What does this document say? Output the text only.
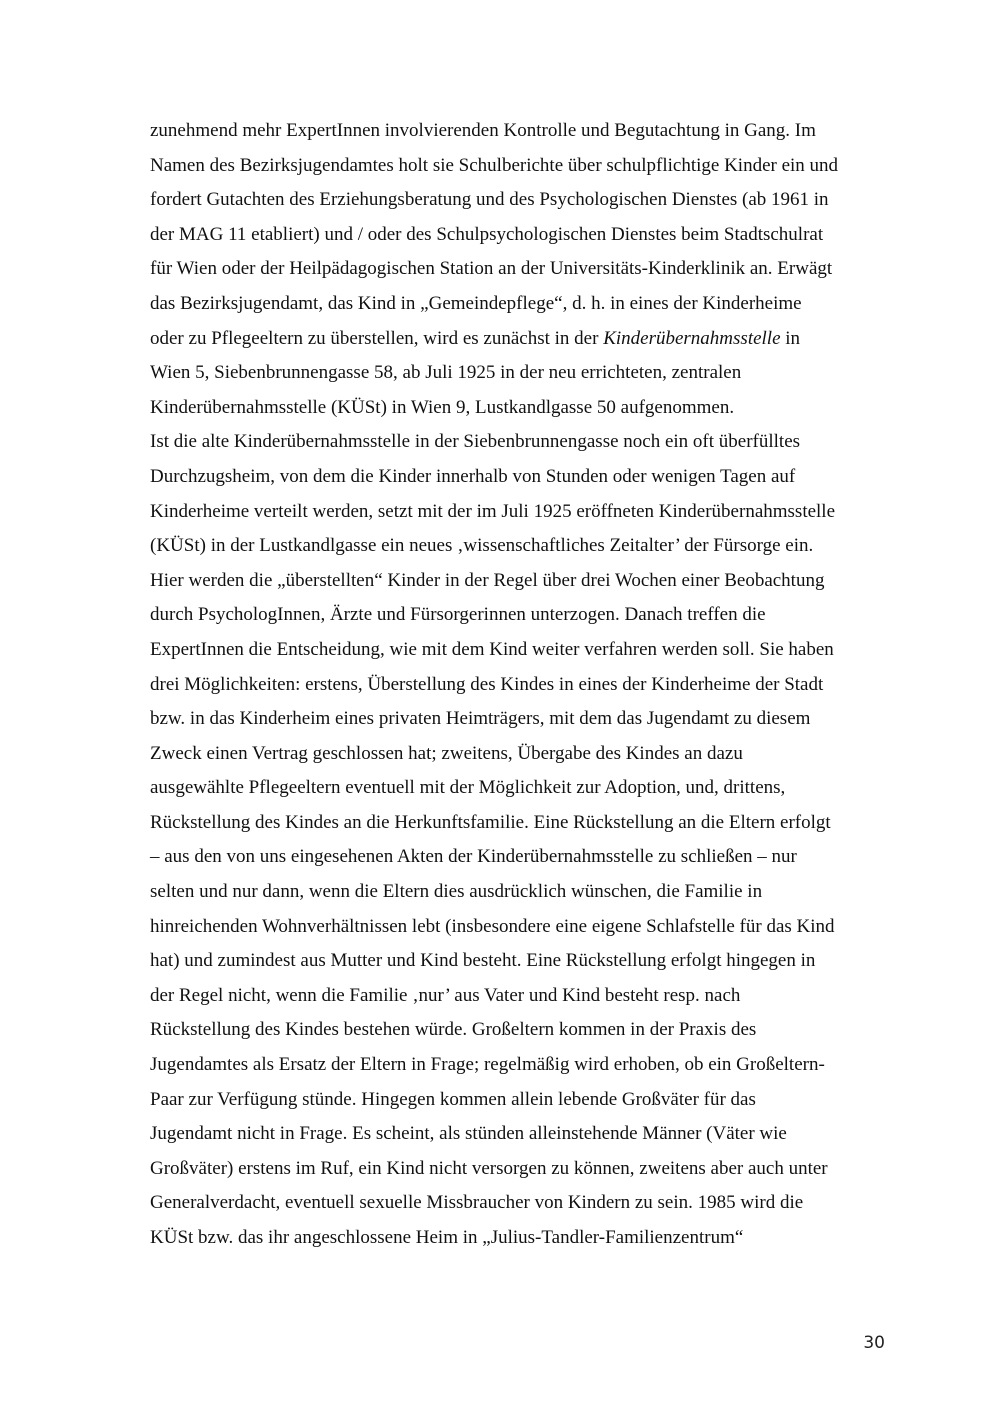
zunehmend mehr ExpertInnen involvierenden Kontrolle und Begutachtung in Gang. Im
Namen des Bezirksjugendamtes holt sie Schulberichte über schulpflichtige Kinder ein und
fordert Gutachten des Erziehungsberatung und des Psychologischen Dienstes (ab 1961 in
der MAG 11 etabliert) und / oder des Schulpsychologischen Dienstes beim Stadtschulrat
für Wien oder der Heilpädagogischen Station an der Universitäts-Kinderklinik an. Erwägt
das Bezirksjugendamt, das Kind in „Gemeindepflege“, d. h. in eines der Kinderheime
oder zu Pflegeeltern zu überstellen, wird es zunächst in der Kinderübernahmsstelle in
Wien 5, Siebenbrunnengasse 58, ab Juli 1925 in der neu errichteten, zentralen
Kinderübernahmsstelle (KÜSt) in Wien 9, Lustkandlgasse 50 aufgenommen.
Ist die alte Kinderübernahmsstelle in der Siebenbrunnengasse noch ein oft überfülltes
Durchzugsheim, von dem die Kinder innerhalb von Stunden oder wenigen Tagen auf
Kinderheime verteilt werden, setzt mit der im Juli 1925 eröffneten Kinderübernahmsstelle
(KÜSt) in der Lustkandlgasse ein neues ‚wissenschaftliches Zeitalter’ der Fürsorge ein.
Hier werden die „überstellten“ Kinder in der Regel über drei Wochen einer Beobachtung
durch PsychologInnen, Ärzte und Fürsorgerinnen unterzogen. Danach treffen die
ExpertInnen die Entscheidung, wie mit dem Kind weiter verfahren werden soll. Sie haben
drei Möglichkeiten: erstens, Überstellung des Kindes in eines der Kinderheime der Stadt
bzw. in das Kinderheim eines privaten Heimträgers, mit dem das Jugendamt zu diesem
Zweck einen Vertrag geschlossen hat; zweitens, Übergabe des Kindes an dazu
ausgewählte Pflegeeltern eventuell mit der Möglichkeit zur Adoption, und, drittens,
Rückstellung des Kindes an die Herkunftsfamilie. Eine Rückstellung an die Eltern erfolgt
– aus den von uns eingesehenen Akten der Kinderübernahmsstelle zu schließen – nur
selten und nur dann, wenn die Eltern dies ausdrücklich wünschen, die Familie in
hinreichenden Wohnverhältnissen lebt (insbesondere eine eigene Schlafstelle für das Kind
hat) und zumindest aus Mutter und Kind besteht. Eine Rückstellung erfolgt hingegen in
der Regel nicht, wenn die Familie ‚nur’ aus Vater und Kind besteht resp. nach
Rückstellung des Kindes bestehen würde. Großeltern kommen in der Praxis des
Jugendamtes als Ersatz der Eltern in Frage; regelmäßig wird erhoben, ob ein Großeltern-
Paar zur Verfügung stünde. Hingegen kommen allein lebende Großväter für das
Jugendamt nicht in Frage. Es scheint, als stünden alleinstehende Männer (Väter wie
Großväter) erstens im Ruf, ein Kind nicht versorgen zu können, zweitens aber auch unter
Generalverdacht, eventuell sexuelle Missbraucher von Kindern zu sein. 1985 wird die
KÜSt bzw. das ihr angeschlossene Heim in „Julius-Tandler-Familienzentrum“
30
